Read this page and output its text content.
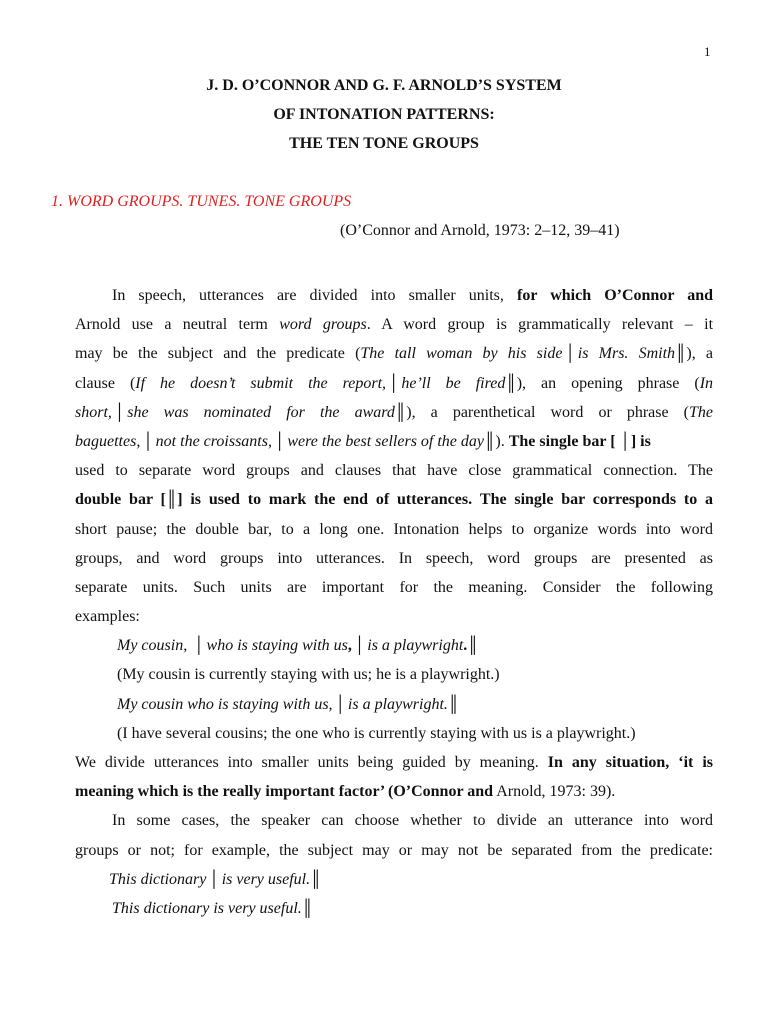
1
J. D. O’CONNOR AND G. F. ARNOLD’S SYSTEM
OF INTONATION PATTERNS:
THE TEN TONE GROUPS
1. WORD GROUPS. TUNES. TONE GROUPS
(O’Connor and Arnold, 1973: 2–12, 39–41)
In speech, utterances are divided into smaller units, for which O’Connor and
Arnold use a neutral term word groups. A word group is grammatically relevant – it
may be the subject and the predicate (The tall woman by his side │ is Mrs. Smith║), a
clause (If he doesn’t submit the report, │ he’ll be fired║), an opening phrase (In
short, │ she was nominated for the award║), a parenthetical word or phrase (The
baguettes, │ not the croissants, │ were the best sellers of the day║). The single bar [ │] is
used to separate word groups and clauses that have close grammatical connection. The
double bar [║] is used to mark the end of utterances. The single bar corresponds to a
short pause; the double bar, to a long one. Intonation helps to organize words into word
groups, and word groups into utterances. In speech, word groups are presented as
separate units. Such units are important for the meaning. Consider the following
examples:
My cousin, │ who is staying with us, │ is a playwright.║
(My cousin is currently staying with us; he is a playwright.)
My cousin who is staying with us, │ is a playwright.║
(I have several cousins; the one who is currently staying with us is a playwright.)
We divide utterances into smaller units being guided by meaning. In any situation, ‘it is
meaning which is the really important factor’ (O’Connor and Arnold, 1973: 39).
In some cases, the speaker can choose whether to divide an utterance into word
groups or not; for example, the subject may or may not be separated from the predicate:
This dictionary │ is very useful.║
This dictionary is very useful.║
